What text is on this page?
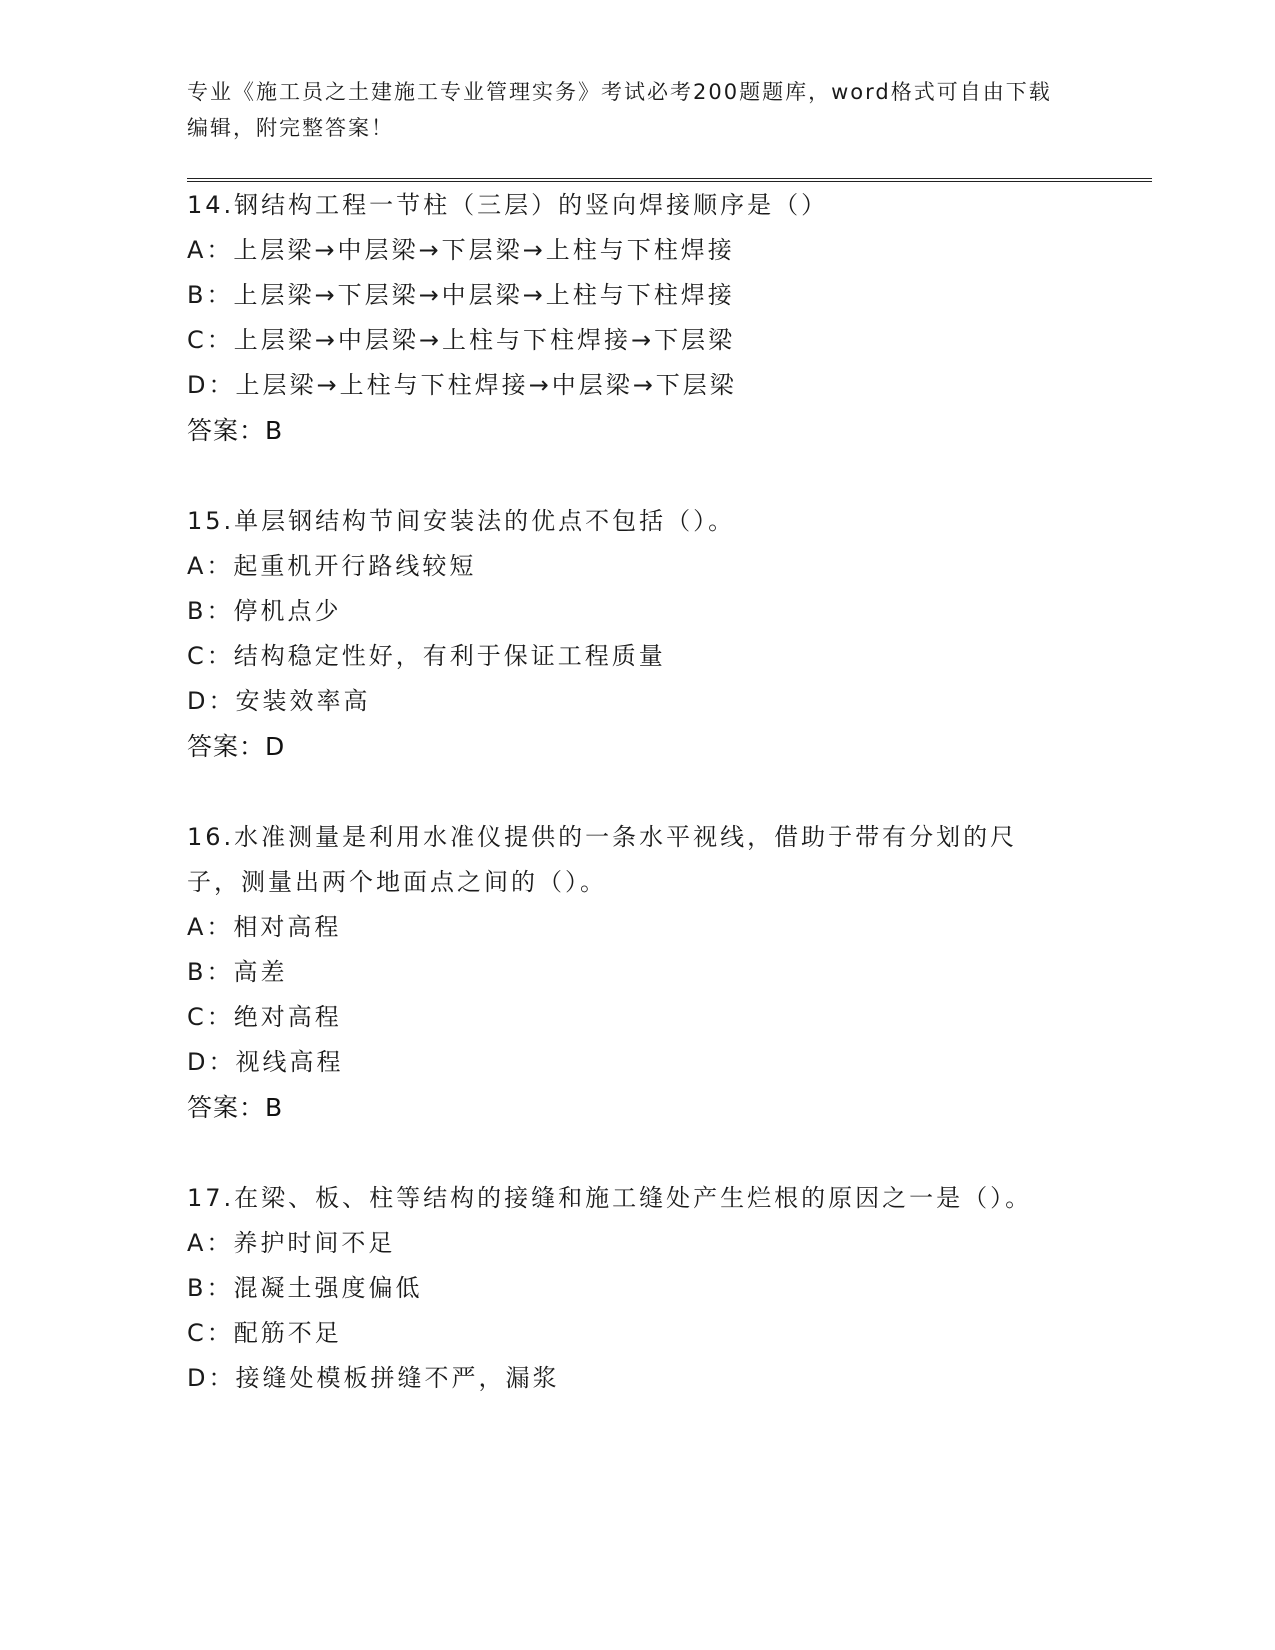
专业《施工员之土建施工专业管理实务》考试必考200题题库，word格式可自由下载编辑，附完整答案！

14.钢结构工程一节柱（三层）的竖向焊接顺序是（）

A：上层梁→中层梁→下层梁→上柱与下柱焊接

B：上层梁→下层梁→中层梁→上柱与下柱焊接

C：上层梁→中层梁→上柱与下柱焊接→下层梁

D：上层梁→上柱与下柱焊接→中层梁→下层梁

答案：B

15.单层钢结构节间安装法的优点不包括（）。

A：起重机开行路线较短

B：停机点少

C：结构稳定性好，有利于保证工程质量

D：安装效率高

答案：D

16.水准测量是利用水准仪提供的一条水平视线，借助于带有分划的尺子，测量出两个地面点之间的（）。

A：相对高程

B：高差

C：绝对高程

D：视线高程

答案：B

17.在梁、板、柱等结构的接缝和施工缝处产生烂根的原因之一是（）。

A：养护时间不足

B：混凝土强度偏低

C：配筋不足

D：接缝处模板拼缝不严，漏浆
